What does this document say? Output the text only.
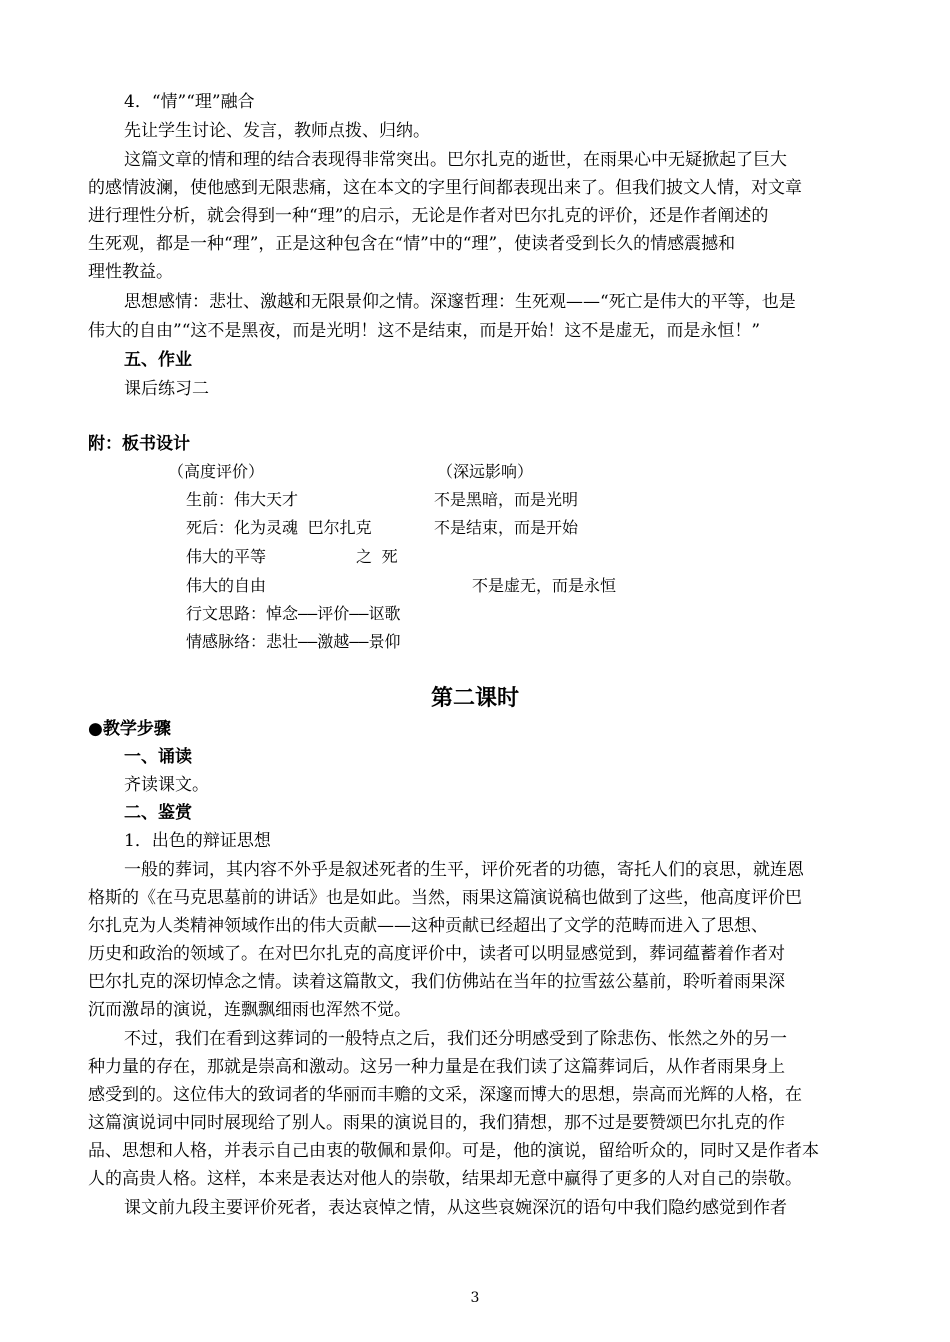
4．“情”“理”融合
先让学生讨论、发言，教师点拨、归纳。
这篇文章的情和理的结合表现得非常突出。巴尔扎克的逝世，在雨果心中无疑掀起了巨大
的感情波澜，使他感到无限悲痛，这在本文的字里行间都表现出来了。但我们披文人情，对文章
进行理性分析，就会得到一种“理”的启示，无论是作者对巴尔扎克的评价，还是作者阐述的
生死观，都是一种“理”，正是这种包含在“情”中的“理”，使读者受到长久的情感震撼和
理性教益。
思想感情：悲壮、激越和无限景仰之情。深邃哲理：生死观——“死亡是伟大的平等，也是
伟大的自由”“这不是黑夜，而是光明！这不是结束，而是开始！这不是虚无，而是永恒！”
五、作业
课后练习二
附：板书设计
（高度评价）	（深远影响）
生前：伟大天才	不是黑暗，而是光明
死后：化为灵魂 巴尔扎克	不是结束，而是开始
伟大的平等	之 死
伟大的自由	不是虚无，而是永恒
行文思路：悼念——评价——讴歌
情感脉络：悲壮——激越——景仰
第二课时
●教学步骤
一、诵读
齐读课文。
二、鉴赏
1．出色的辩证思想
一般的葬词，其内容不外乎是叙述死者的生平，评价死者的功德，寄托人们的哀思，就连恩
格斯的《在马克思墓前的讲话》也是如此。当然，雨果这篇演说稿也做到了这些，他高度评价巴
尔扎克为人类精神领域作出的伟大贡献——这种贡献已经超出了文学的范畴而进入了思想、
历史和政治的领域了。在对巴尔扎克的高度评价中，读者可以明显感觉到，葬词蕴蓄着作者对
巴尔扎克的深切悼念之情。读着这篇散文，我们仿佛站在当年的拉雪兹公墓前，聆听着雨果深
沉而激昂的演说，连飘飘细雨也浑然不觉。
不过，我们在看到这葬词的一般特点之后，我们还分明感受到了除悲伤、怅然之外的另一
种力量的存在，那就是崇高和激动。这另一种力量是在我们读了这篇葬词后，从作者雨果身上
感受到的。这位伟大的致词者的华丽而丰赡的文采，深邃而博大的思想，崇高而光辉的人格，在
这篇演说词中同时展现给了别人。雨果的演说目的，我们猜想，那不过是要赞颂巴尔扎克的作
品、思想和人格，并表示自己由衷的敬佩和景仰。可是，他的演说，留给听众的，同时又是作者本
人的高贵人格。这样，本来是表达对他人的崇敬，结果却无意中赢得了更多的人对自己的崇敬。
课文前九段主要评价死者，表达哀悼之情，从这些哀婉深沉的语句中我们隐约感觉到作者
3
